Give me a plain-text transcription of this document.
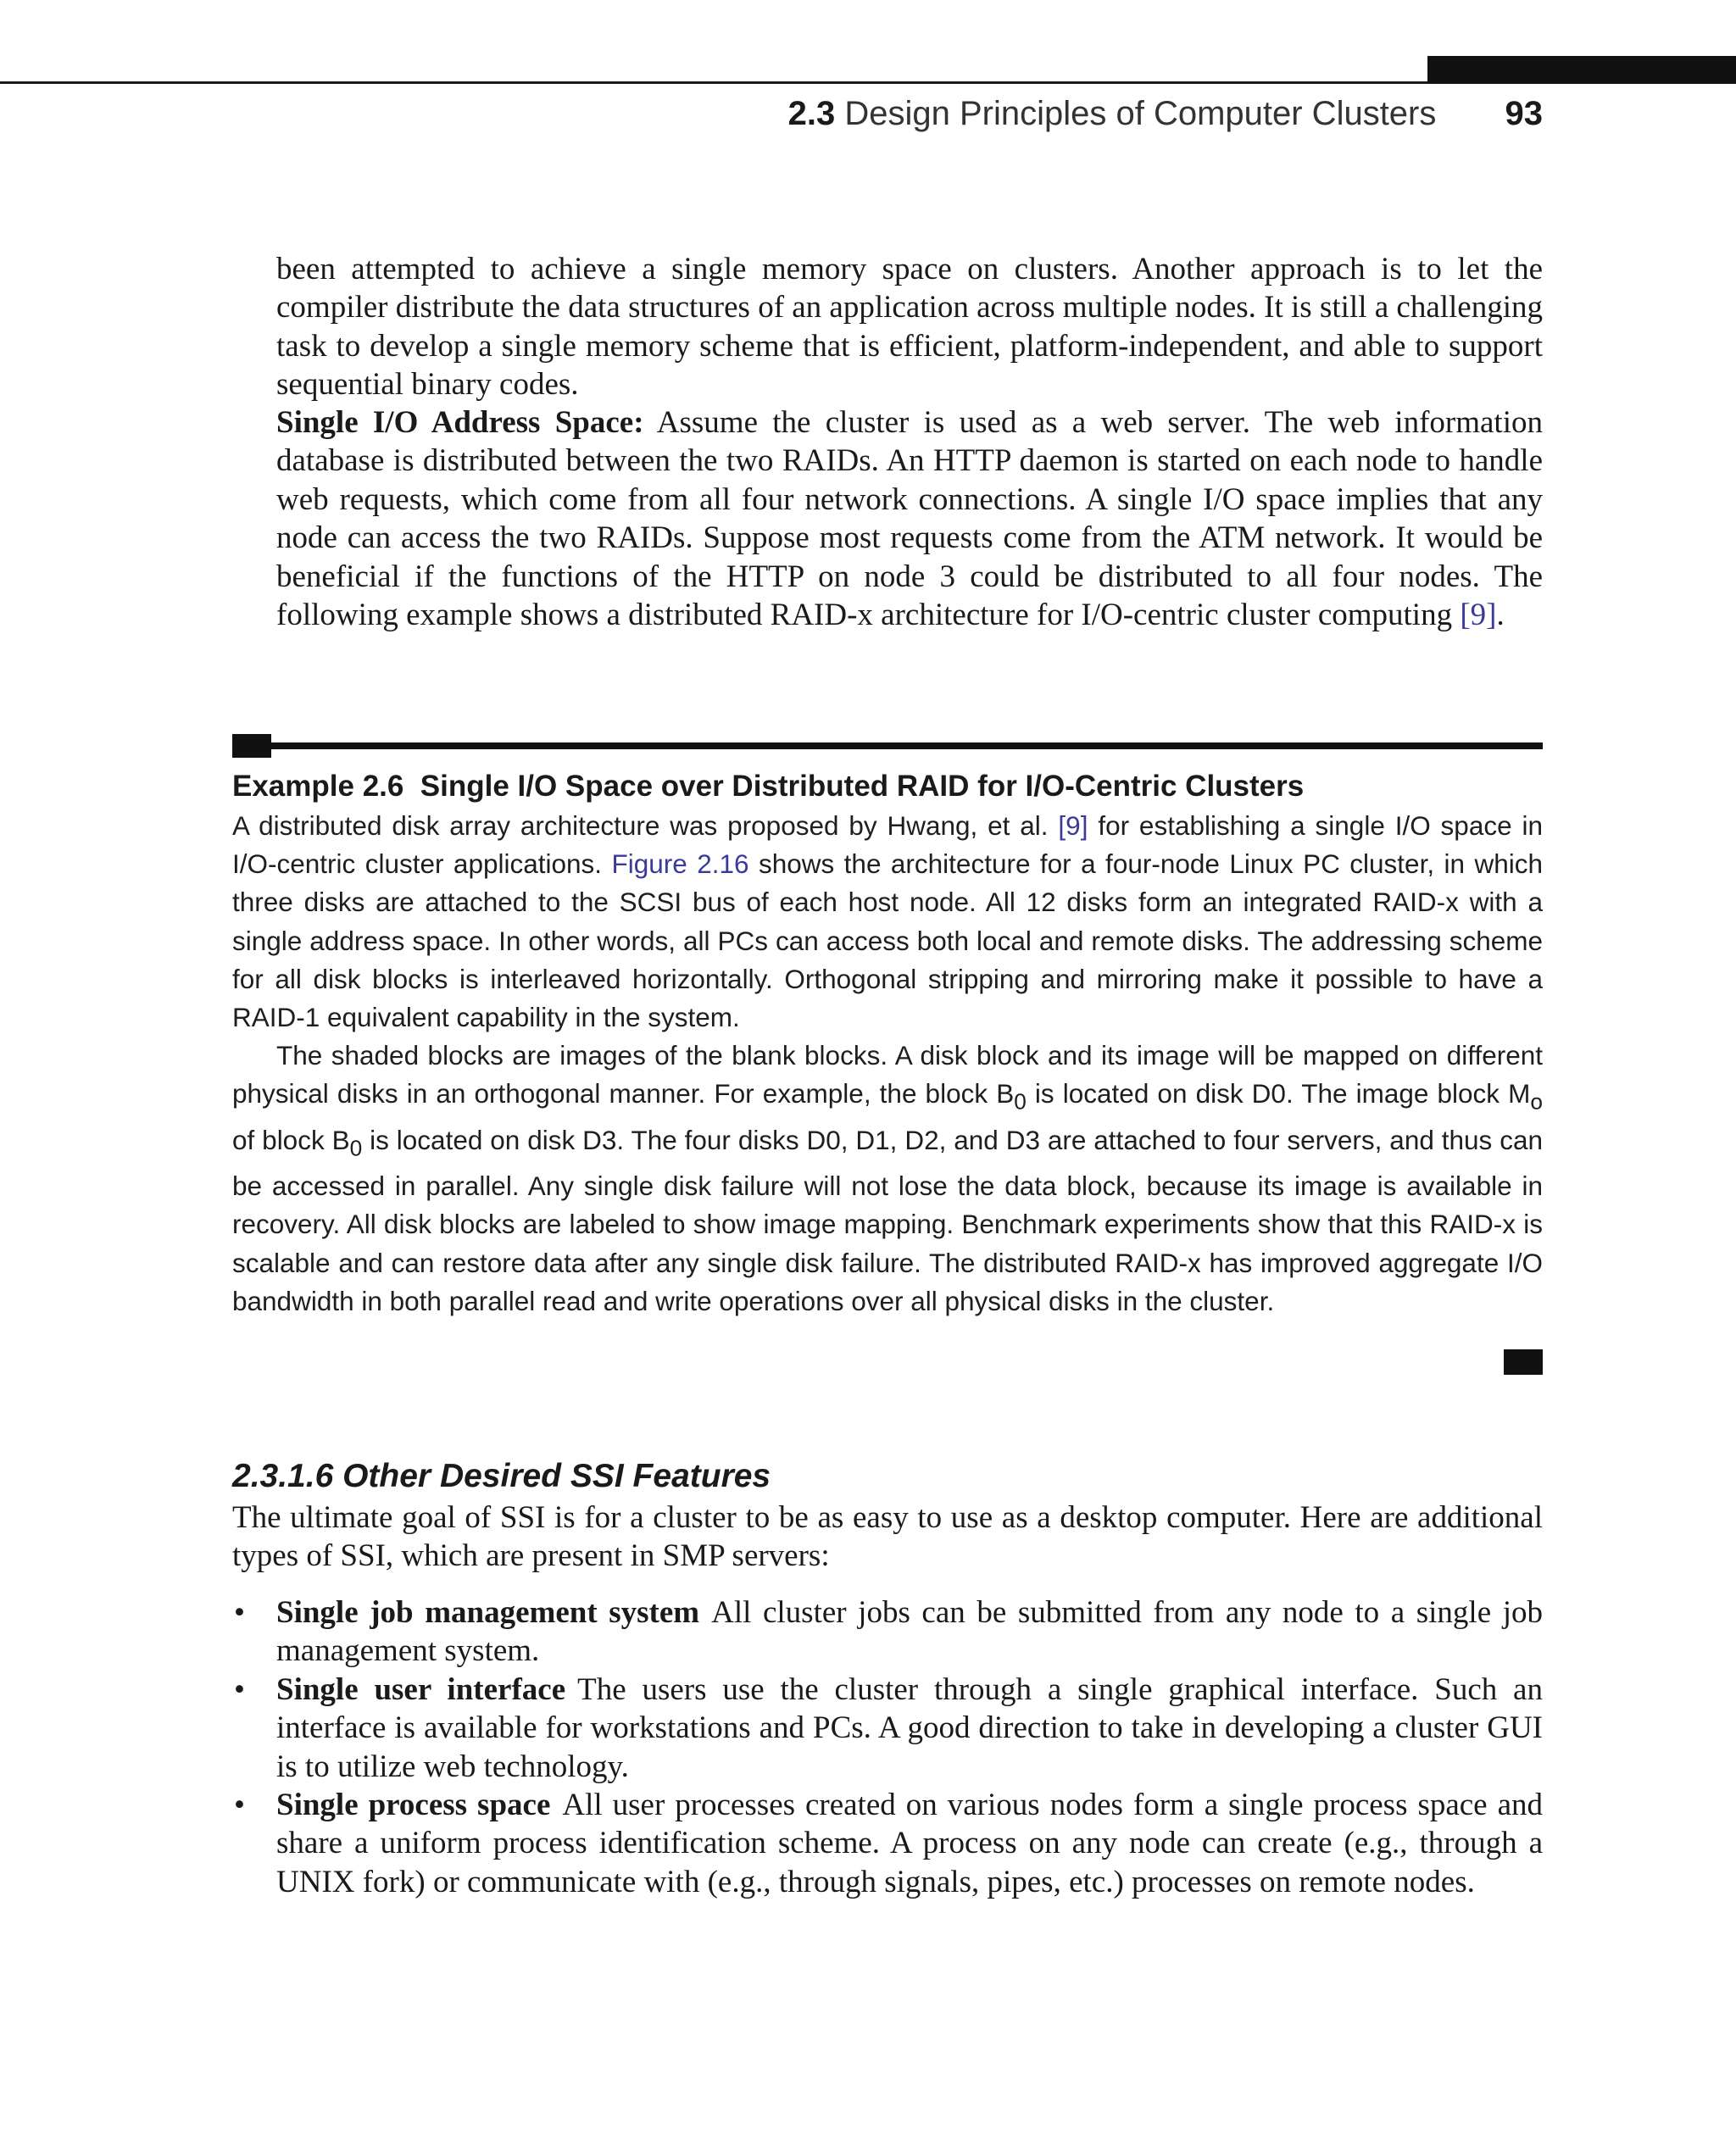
2.3 Design Principles of Computer Clusters 93

been attempted to achieve a single memory space on clusters. Another approach is to let the compiler distribute the data structures of an application across multiple nodes. It is still a challenging task to develop a single memory scheme that is efficient, platform-independent, and able to support sequential binary codes.

Single I/O Address Space: Assume the cluster is used as a web server. The web information database is distributed between the two RAIDs. An HTTP daemon is started on each node to handle web requests, which come from all four network connections. A single I/O space implies that any node can access the two RAIDs. Suppose most requests come from the ATM network. It would be beneficial if the functions of the HTTP on node 3 could be distributed to all four nodes. The following example shows a distributed RAID-x architecture for I/O-centric cluster computing [9].

Example 2.6 Single I/O Space over Distributed RAID for I/O-Centric Clusters

A distributed disk array architecture was proposed by Hwang, et al. [9] for establishing a single I/O space in I/O-centric cluster applications. Figure 2.16 shows the architecture for a four-node Linux PC cluster, in which three disks are attached to the SCSI bus of each host node. All 12 disks form an integrated RAID-x with a single address space. In other words, all PCs can access both local and remote disks. The addressing scheme for all disk blocks is interleaved horizontally. Orthogonal stripping and mirroring make it possible to have a RAID-1 equivalent capability in the system.

The shaded blocks are images of the blank blocks. A disk block and its image will be mapped on different physical disks in an orthogonal manner. For example, the block $B_0$ is located on disk D0. The image block $M_o$ of block $B_0$ is located on disk D3. The four disks D0, D1, D2, and D3 are attached to four servers, and thus can be accessed in parallel. Any single disk failure will not lose the data block, because its image is available in recovery. All disk blocks are labeled to show image mapping. Benchmark experiments show that this RAID-x is scalable and can restore data after any single disk failure. The distributed RAID-x has improved aggregate I/O bandwidth in both parallel read and write operations over all physical disks in the cluster.

2.3.1.6 Other Desired SSI Features

The ultimate goal of SSI is for a cluster to be as easy to use as a desktop computer. Here are additional types of SSI, which are present in SMP servers:

• Single job management system All cluster jobs can be submitted from any node to a single job management system.
• Single user interface The users use the cluster through a single graphical interface. Such an interface is available for workstations and PCs. A good direction to take in developing a cluster GUI is to utilize web technology.
• Single process space All user processes created on various nodes form a single process space and share a uniform process identification scheme. A process on any node can create (e.g., through a UNIX fork) or communicate with (e.g., through signals, pipes, etc.) processes on remote nodes.
